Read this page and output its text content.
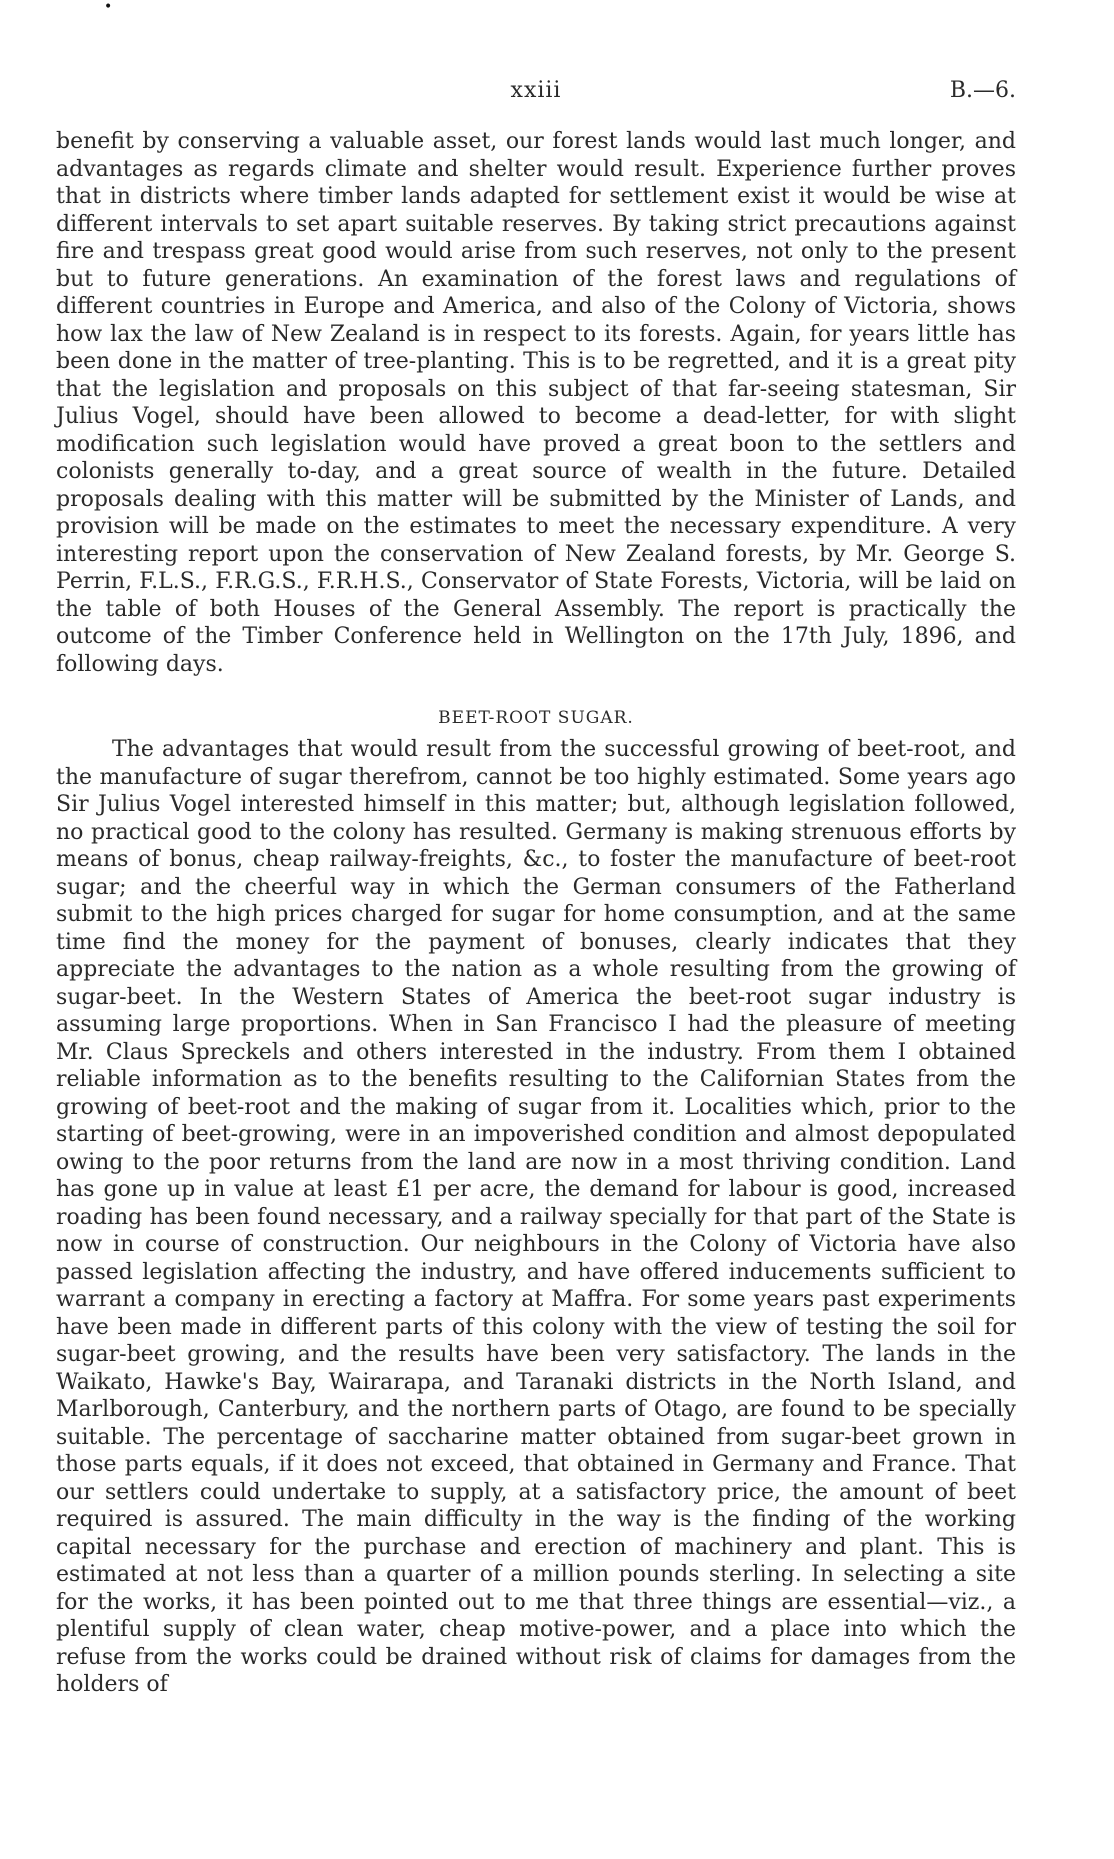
•
xxiii	B.—6.

benefit by conserving a valuable asset, our forest lands would last much longer, and advantages as regards climate and shelter would result. Experience further proves that in districts where timber lands adapted for settlement exist it would be wise at different intervals to set apart suitable reserves. By taking strict precautions against fire and trespass great good would arise from such reserves, not only to the present but to future generations. An examination of the forest laws and regulations of different countries in Europe and America, and also of the Colony of Victoria, shows how lax the law of New Zealand is in respect to its forests. Again, for years little has been done in the matter of tree-planting. This is to be regretted, and it is a great pity that the legislation and proposals on this subject of that far-seeing statesman, Sir Julius Vogel, should have been allowed to become a dead-letter, for with slight modification such legislation would have proved a great boon to the settlers and colonists generally to-day, and a great source of wealth in the future. Detailed proposals dealing with this matter will be submitted by the Minister of Lands, and provision will be made on the estimates to meet the necessary expenditure. A very interesting report upon the conservation of New Zealand forests, by Mr. George S. Perrin, F.L.S., F.R.G.S., F.R.H.S., Conservator of State Forests, Victoria, will be laid on the table of both Houses of the General Assembly. The report is practically the outcome of the Timber Conference held in Wellington on the 17th July, 1896, and following days.

BEET-ROOT SUGAR.

The advantages that would result from the successful growing of beet-root, and the manufacture of sugar therefrom, cannot be too highly estimated. Some years ago Sir Julius Vogel interested himself in this matter; but, although legislation followed, no practical good to the colony has resulted. Germany is making strenuous efforts by means of bonus, cheap railway-freights, &c., to foster the manufacture of beet-root sugar; and the cheerful way in which the German consumers of the Fatherland submit to the high prices charged for sugar for home consumption, and at the same time find the money for the payment of bonuses, clearly indicates that they appreciate the advantages to the nation as a whole resulting from the growing of sugar-beet. In the Western States of America the beet-root sugar industry is assuming large proportions. When in San Francisco I had the pleasure of meeting Mr. Claus Spreckels and others interested in the industry. From them I obtained reliable information as to the benefits resulting to the Californian States from the growing of beet-root and the making of sugar from it. Localities which, prior to the starting of beet-growing, were in an impoverished condition and almost depopulated owing to the poor returns from the land are now in a most thriving condition. Land has gone up in value at least £1 per acre, the demand for labour is good, increased roading has been found necessary, and a railway specially for that part of the State is now in course of construction. Our neighbours in the Colony of Victoria have also passed legislation affecting the industry, and have offered inducements sufficient to warrant a company in erecting a factory at Maffra. For some years past experiments have been made in different parts of this colony with the view of testing the soil for sugar-beet growing, and the results have been very satisfactory. The lands in the Waikato, Hawke's Bay, Wairarapa, and Taranaki districts in the North Island, and Marlborough, Canterbury, and the northern parts of Otago, are found to be specially suitable. The percentage of saccharine matter obtained from sugar-beet grown in those parts equals, if it does not exceed, that obtained in Germany and France. That our settlers could undertake to supply, at a satisfactory price, the amount of beet required is assured. The main difficulty in the way is the finding of the working capital necessary for the purchase and erection of machinery and plant. This is estimated at not less than a quarter of a million pounds sterling. In selecting a site for the works, it has been pointed out to me that three things are essential—viz., a plentiful supply of clean water, cheap motive-power, and a place into which the refuse from the works could be drained without risk of claims for damages from the holders of
